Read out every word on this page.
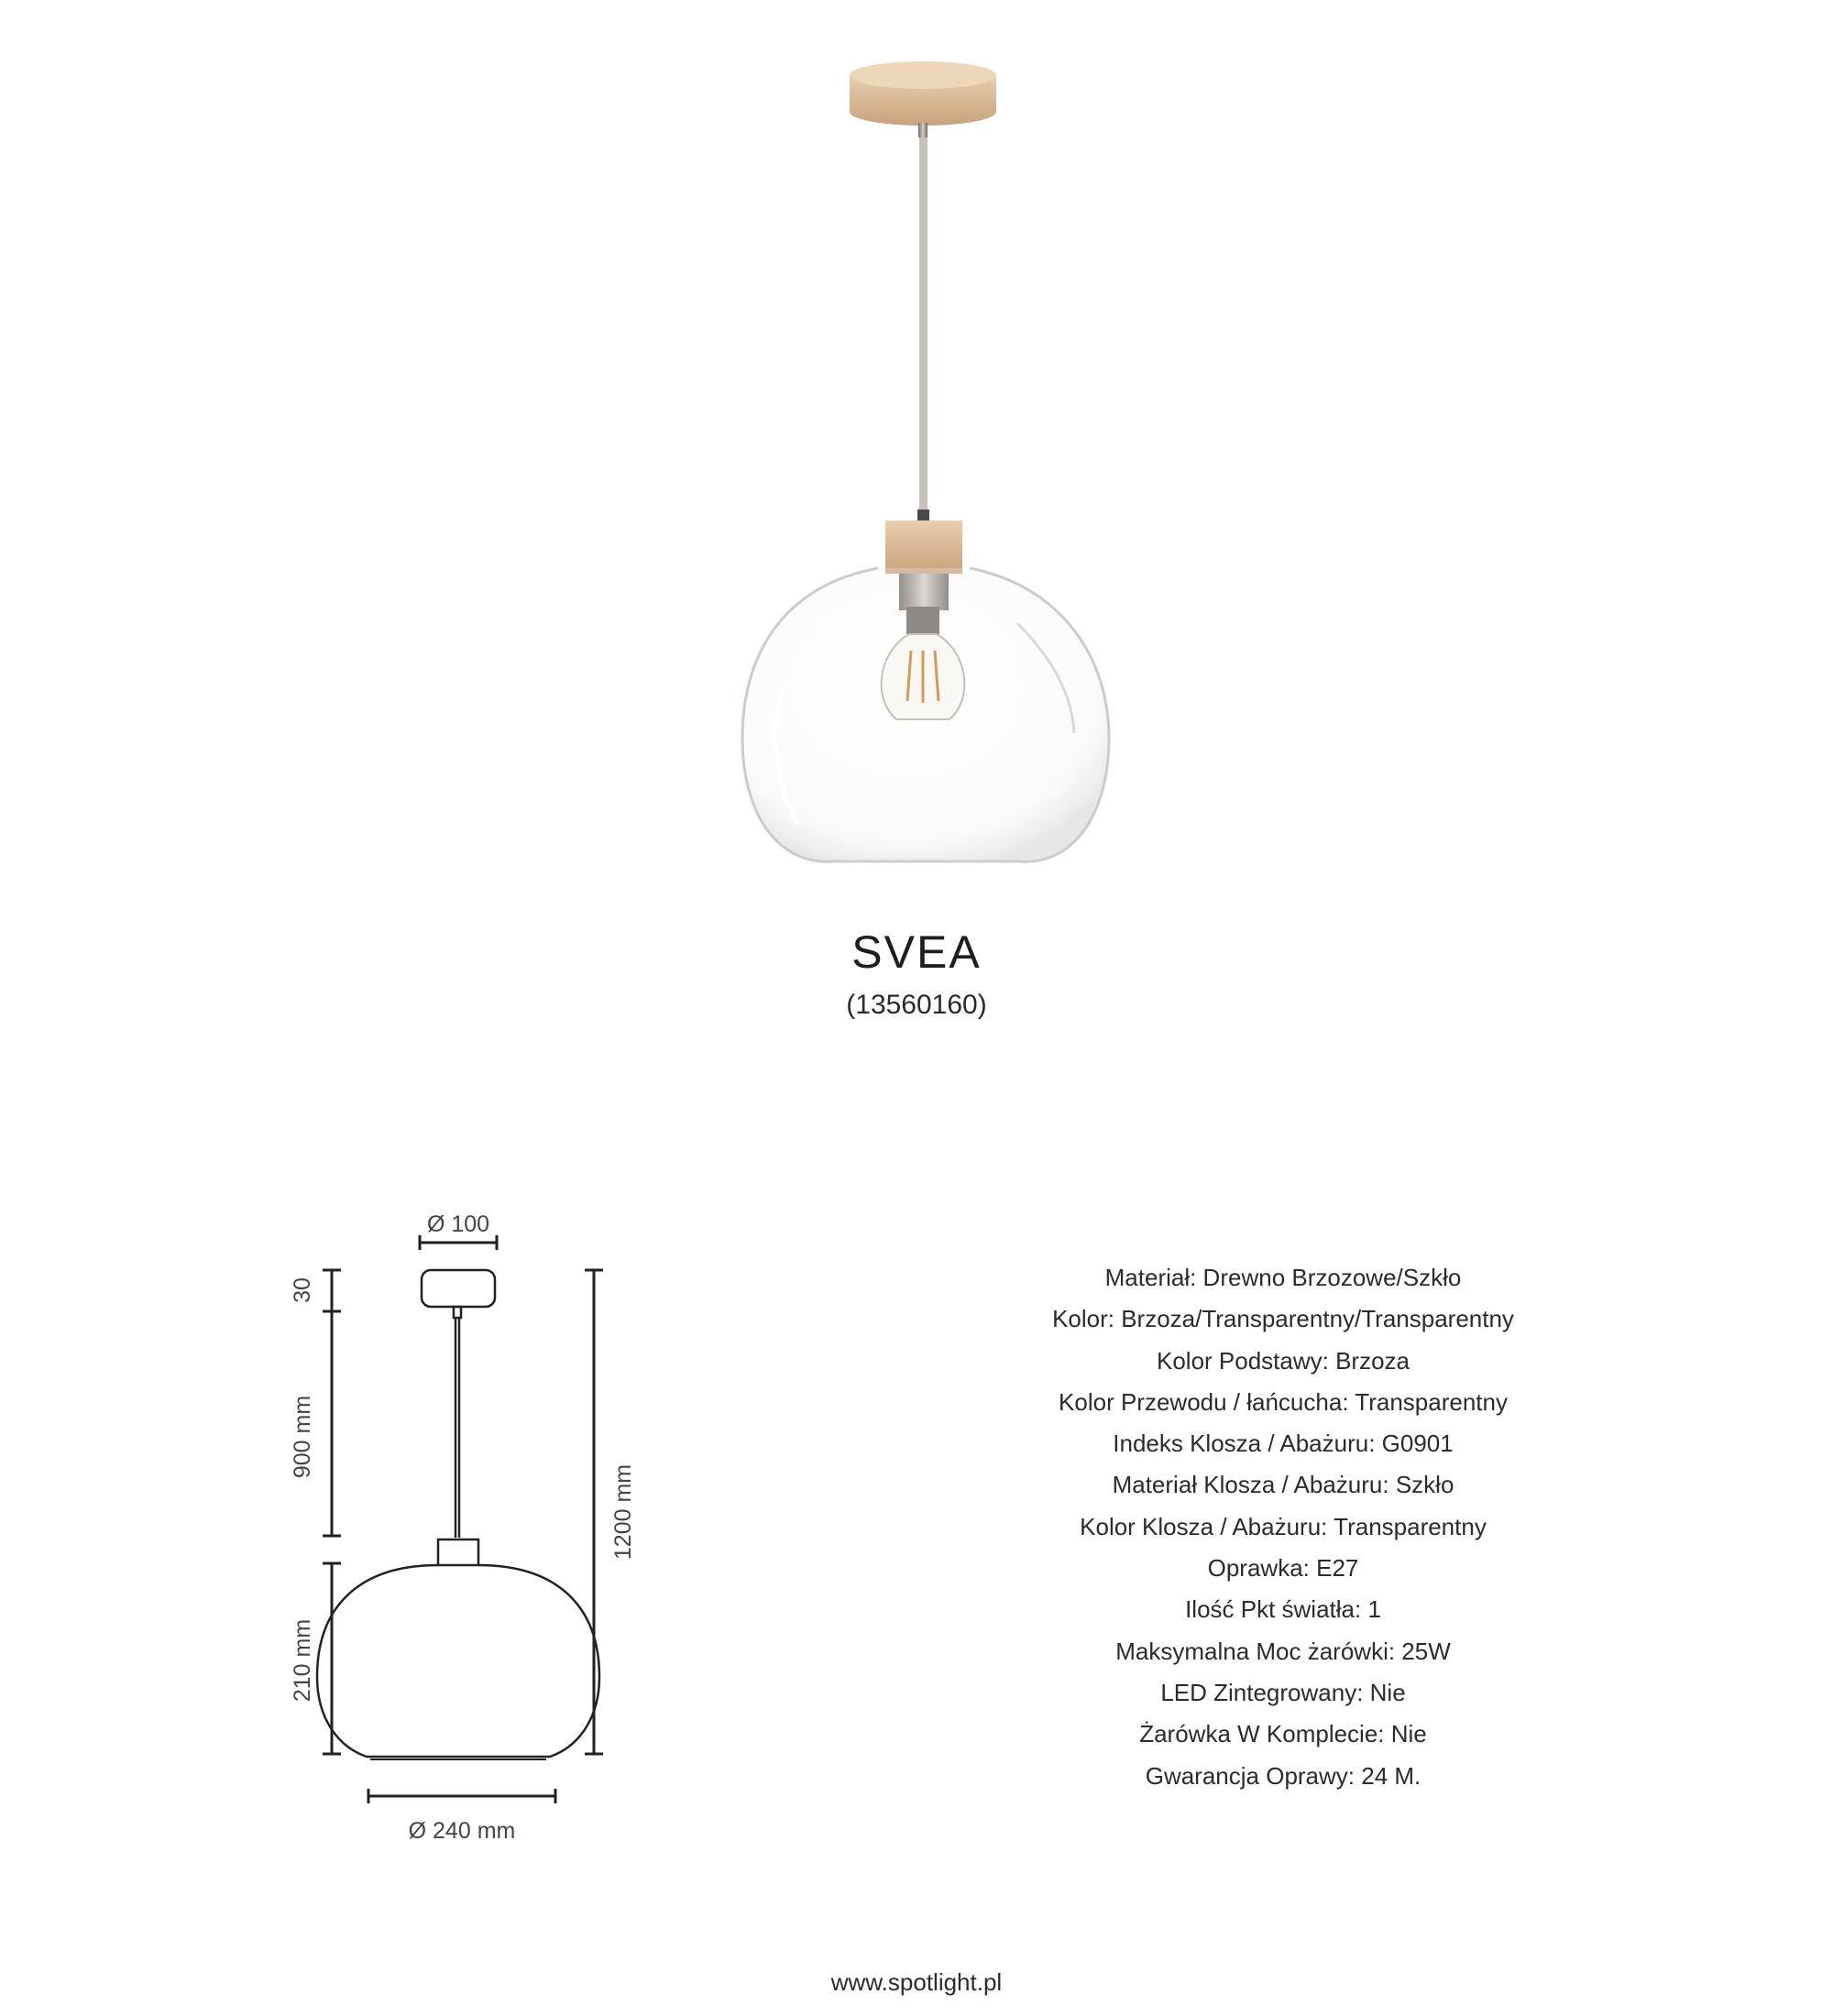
SVEA
(13560160)
Ø 100
30
900 mm
210 mm
1200 mm
Ø 240 mm
Materiał: Drewno Brzozowe/Szkło
Kolor: Brzoza/Transparentny/Transparentny
Kolor Podstawy: Brzoza
Kolor Przewodu / łańcucha: Transparentny
Indeks Klosza / Abażuru: G0901
Materiał Klosza / Abażuru: Szkło
Kolor Klosza / Abażuru: Transparentny
Oprawka: E27
Ilość Pkt światła: 1
Maksymalna Moc żarówki: 25W
LED Zintegrowany: Nie
Żarówka W Komplecie: Nie
Gwarancja Oprawy: 24 M.
www.spotlight.pl
